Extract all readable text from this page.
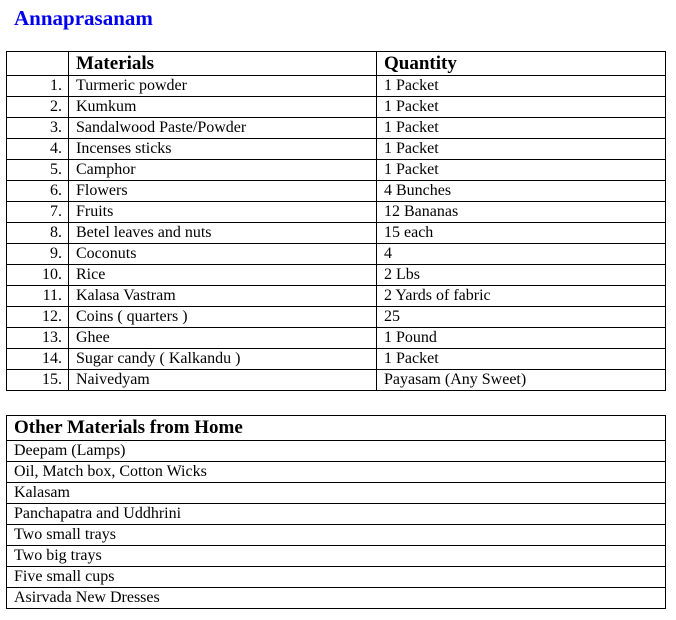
Annaprasanam
	Materials	Quantity
1.	Turmeric powder	1 Packet
2.	Kumkum	1 Packet
3.	Sandalwood Paste/Powder	1 Packet
4.	Incenses sticks	1 Packet
5.	Camphor	1 Packet
6.	Flowers	4 Bunches
7.	Fruits	12 Bananas
8.	Betel leaves and nuts	15 each
9.	Coconuts	4
10.	Rice	2 Lbs
11.	Kalasa Vastram	2 Yards of fabric
12.	Coins ( quarters )	25
13.	Ghee	1 Pound
14.	Sugar candy ( Kalkandu )	1 Packet
15.	Naivedyam	Payasam (Any Sweet)
Other Materials from Home
Deepam (Lamps)
Oil, Match box, Cotton Wicks
Kalasam
Panchapatra and Uddhrini
Two small trays
Two big trays
Five small cups
Asirvada New Dresses
